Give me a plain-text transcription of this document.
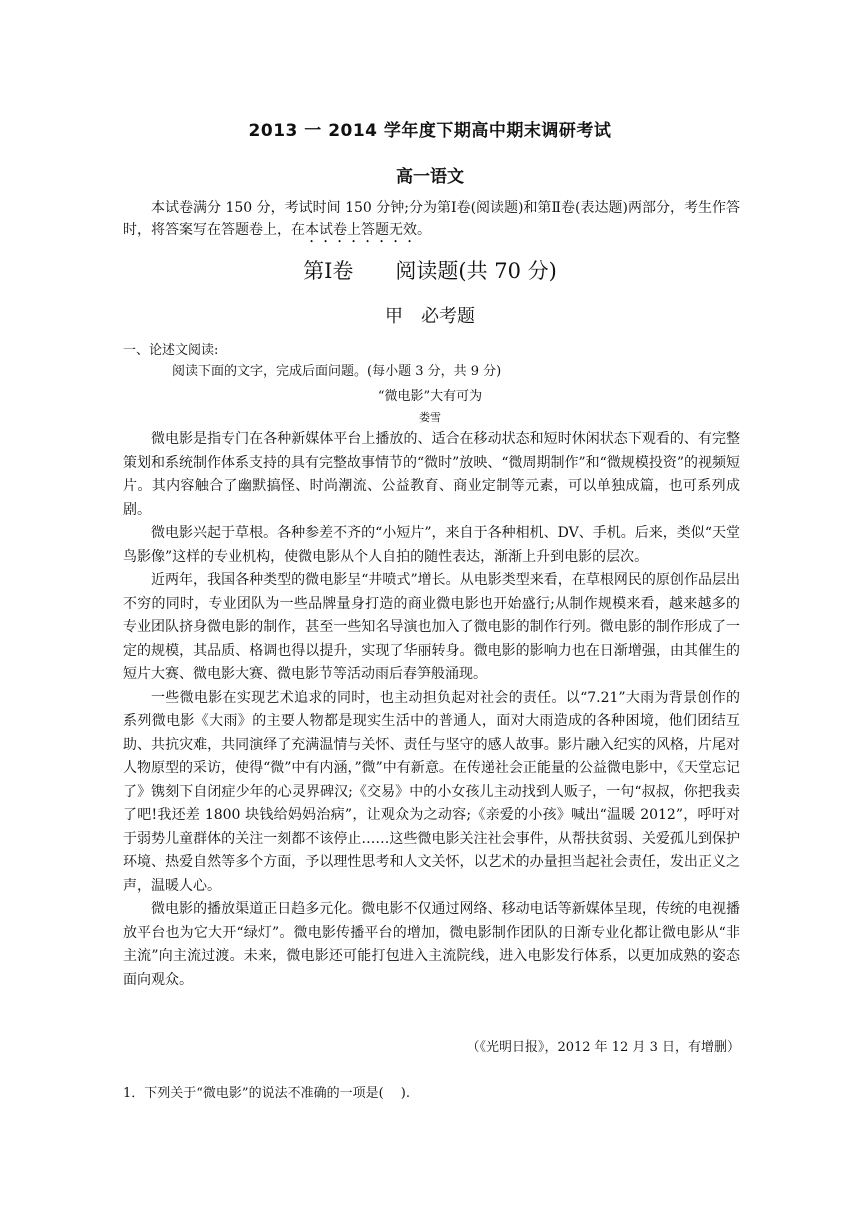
2013 一 2014 学年度下期高中期末调研考试
高一语文
本试卷满分 150 分，考试时间 150 分钟;分为第Ⅰ卷(阅读题)和第Ⅱ卷(表达题)两部分，考生作答时，将答案写在答题卷上，在本试卷上答题无效。
第Ⅰ卷　　阅读题(共 70 分)
甲　必考题
一、论述文阅读:
阅读下面的文字，完成后面问题。(每小题 3 分，共 9 分)
“微电影”大有可为
娄雪

微电影是指专门在各种新媒体平台上播放的、适合在移动状态和短时休闲状态下观看的、有完整策划和系统制作体系支持的具有完整故事情节的“微时”放映、“微周期制作”和“微规模投资”的视频短片。其内容触合了幽默搞怪、时尚潮流、公益教育、商业定制等元素，可以单独成篇，也可系列成剧。

微电影兴起于草根。各种参差不齐的“小短片”，来自于各种相机、DV、手机。后来，类似“天堂鸟影像”这样的专业机构，使微电影从个人自拍的随性表达，渐渐上升到电影的层次。

近两年，我国各种类型的微电影呈“井喷式”增长。从电影类型来看，在草根网民的原创作品层出不穷的同时，专业团队为一些品牌量身打造的商业微电影也开始盛行;从制作规模来看，越来越多的专业团队挤身微电影的制作，甚至一些知名导演也加入了微电影的制作行列。微电影的制作形成了一定的规模，其品质、格调也得以提升，实现了华丽转身。微电影的影响力也在日渐增强，由其催生的短片大赛、微电影大赛、微电影节等活动雨后春笋般涌现。

一些微电影在实现艺术追求的同时，也主动担负起对社会的责任。以“7.21”大雨为背景创作的系列微电影《大雨》的主要人物都是现实生活中的普通人，面对大雨造成的各种困境，他们团结互助、共抗灾难，共同演绎了充满温情与关怀、责任与坚守的感人故事。影片融入纪实的风格，片尾对人物原型的采访，使得“微”中有内涵，”微”中有新意。在传递社会正能量的公益微电影中，《天堂忘记了》镌刻下自闭症少年的心灵界碑汉;《交易》中的小女孩儿主动找到人贩子，一句“叔叔，你把我卖了吧!我还差 1800 块钱给妈妈治病”，让观众为之动容;《亲爱的小孩》喊出“温暖 2012”，呼吁对于弱势儿童群体的关注一刻都不该停止……这些微电影关注社会事件，从帮扶贫弱、关爱孤儿到保护环境、热爱自然等多个方面，予以理性思考和人文关怀，以艺术的办量担当起社会责任，发出正义之声，温暖人心。

微电影的播放渠道正日趋多元化。微电影不仅通过网络、移动电话等新媒体呈现，传统的电视播放平台也为它大开“绿灯”。微电影传播平台的增加，微电影制作团队的日渐专业化都让微电影从“非主流”向主流过渡。未来，微电影还可能打包进入主流院线，进入电影发行体系，以更加成熟的姿态面向观众。

（《光明日报》，2012 年 12 月 3 日，有增删）
1．下列关于“微电影”的说法不准确的一项是(　 ).
